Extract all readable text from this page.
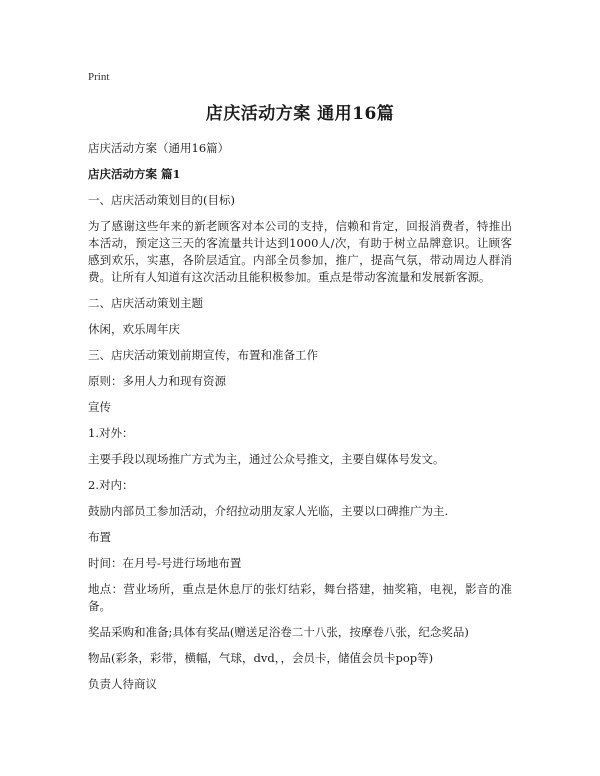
Print
店庆活动方案 通用16篇

店庆活动方案（通用16篇）

店庆活动方案 篇1

一、店庆活动策划目的(目标)

为了感谢这些年来的新老顾客对本公司的支持，信赖和肯定，回报消费者，特推出本活动，预定这三天的客流量共计达到1000人/次，有助于树立品牌意识。让顾客感到欢乐，实惠，各阶层适宜。内部全员参加，推广，提高气氛，带动周边人群消费。让所有人知道有这次活动且能积极参加。重点是带动客流量和发展新客源。

二、店庆活动策划主题

休闲，欢乐周年庆

三、店庆活动策划前期宣传，布置和准备工作

原则：多用人力和现有资源

宣传

1.对外：

主要手段以现场推广方式为主，通过公众号推文，主要自媒体号发文。

2.对内：

鼓励内部员工参加活动，介绍拉动朋友家人光临，主要以口碑推广为主.

布置

时间：在月号-号进行场地布置

地点：营业场所，重点是休息厅的张灯结彩，舞台搭建，抽奖箱，电视，影音的准备。

奖品采购和准备;具体有奖品(赠送足浴卷二十八张，按摩卷八张，纪念奖品)

物品(彩条，彩带，横幅，气球，dvd，，会员卡，储值会员卡pop等)

负责人待商议
